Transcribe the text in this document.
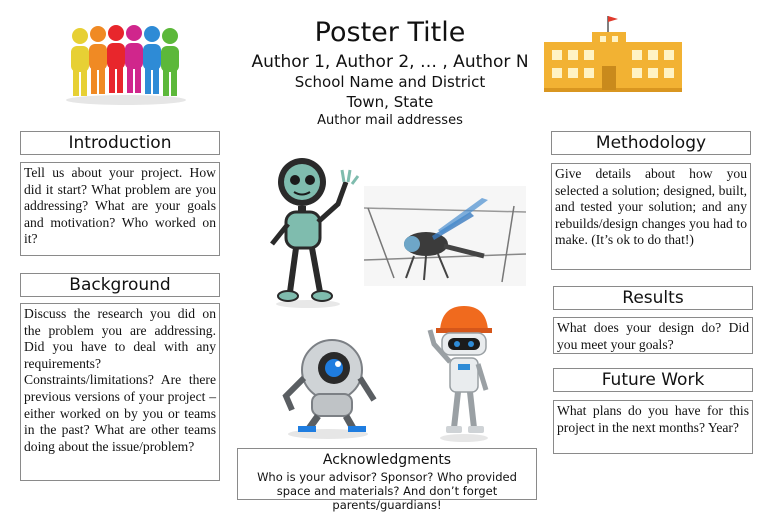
Poster Title
Author 1, Author 2, … , Author N
School Name and District
Town, State
Author mail addresses
Introduction
Tell us about your project. How did it start? What problem are you addressing? What are your goals and motivation? Who worked on it?
Background
Discuss the research you did on the problem you are addressing. Did you have to deal with any requirements? Constraints/limitations? Are there previous versions of your project – either worked on by you or teams in the past? What are other teams doing about the issue/problem?
Methodology
Give details about how you selected a solution; designed, built, and tested your solution; and any rebuilds/design changes you had to make. (It’s ok to do that!)
Results
What does your design do? Did you meet your goals?
Future Work
What plans do you have for this project in the next months? Year?
Acknowledgments
Who is your advisor? Sponsor? Who provided space and materials? And don’t forget parents/guardians!
